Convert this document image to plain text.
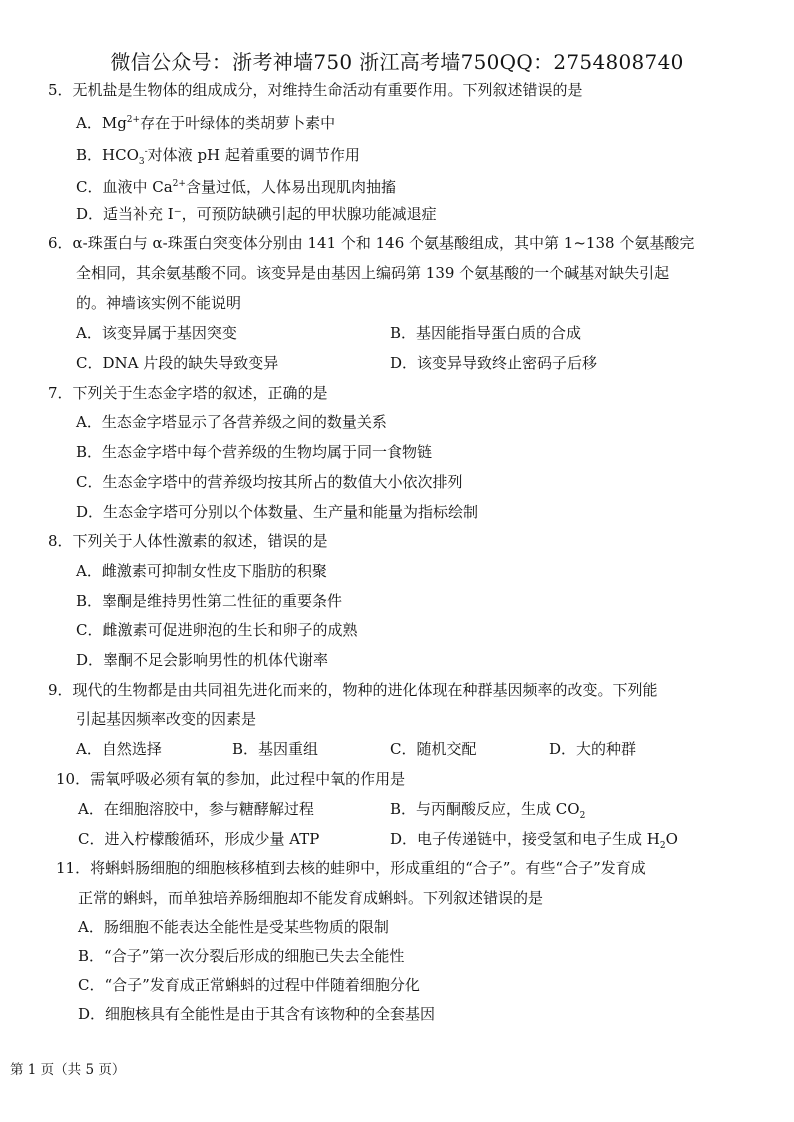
微信公众号：浙考神墙750 浙江高考墙750QQ：2754808740
5．无机盐是生物体的组成成分，对维持生命活动有重要作用。下列叙述错误的是
A．$Mg^{2+}$存在于叶绿体的类胡萝卜素中
B．$HCO_3^-$对体液 pH 起着重要的调节作用
C．血液中 $Ca^{2+}$含量过低，人体易出现肌肉抽搐
D．适当补充 I⁻，可预防缺碘引起的甲状腺功能减退症
6．α-珠蛋白与 α-珠蛋白突变体分别由 141 个和 146 个氨基酸组成，其中第 1~138 个氨基酸完
全相同，其余氨基酸不同。该变异是由基因上编码第 139 个氨基酸的一个碱基对缺失引起
的。神墙该实例不能说明
A．该变异属于基因突变	B．基因能指导蛋白质的合成
C．DNA 片段的缺失导致变异	D．该变异导致终止密码子后移
7．下列关于生态金字塔的叙述，正确的是
A．生态金字塔显示了各营养级之间的数量关系
B．生态金字塔中每个营养级的生物均属于同一食物链
C．生态金字塔中的营养级均按其所占的数值大小依次排列
D．生态金字塔可分别以个体数量、生产量和能量为指标绘制
8．下列关于人体性激素的叙述，错误的是
A．雌激素可抑制女性皮下脂肪的积聚
B．睾酮是维持男性第二性征的重要条件
C．雌激素可促进卵泡的生长和卵子的成熟
D．睾酮不足会影响男性的机体代谢率
9．现代的生物都是由共同祖先进化而来的，物种的进化体现在种群基因频率的改变。下列能
引起基因频率改变的因素是
A．自然选择	B．基因重组	C．随机交配	D．大的种群
10．需氧呼吸必须有氧的参加，此过程中氧的作用是
A．在细胞溶胶中，参与糖酵解过程	B．与丙酮酸反应，生成 $CO_2$
C．进入柠檬酸循环，形成少量 ATP	D．电子传递链中，接受氢和电子生成 $H_2O$
11．将蝌蚪肠细胞的细胞核移植到去核的蛙卵中，形成重组的“合子”。有些“合子”发育成
正常的蝌蚪，而单独培养肠细胞却不能发育成蝌蚪。下列叙述错误的是
A．肠细胞不能表达全能性是受某些物质的限制
B．“合子”第一次分裂后形成的细胞已失去全能性
C．“合子”发育成正常蝌蚪的过程中伴随着细胞分化
D．细胞核具有全能性是由于其含有该物种的全套基因
第 1 页（共 5 页）
